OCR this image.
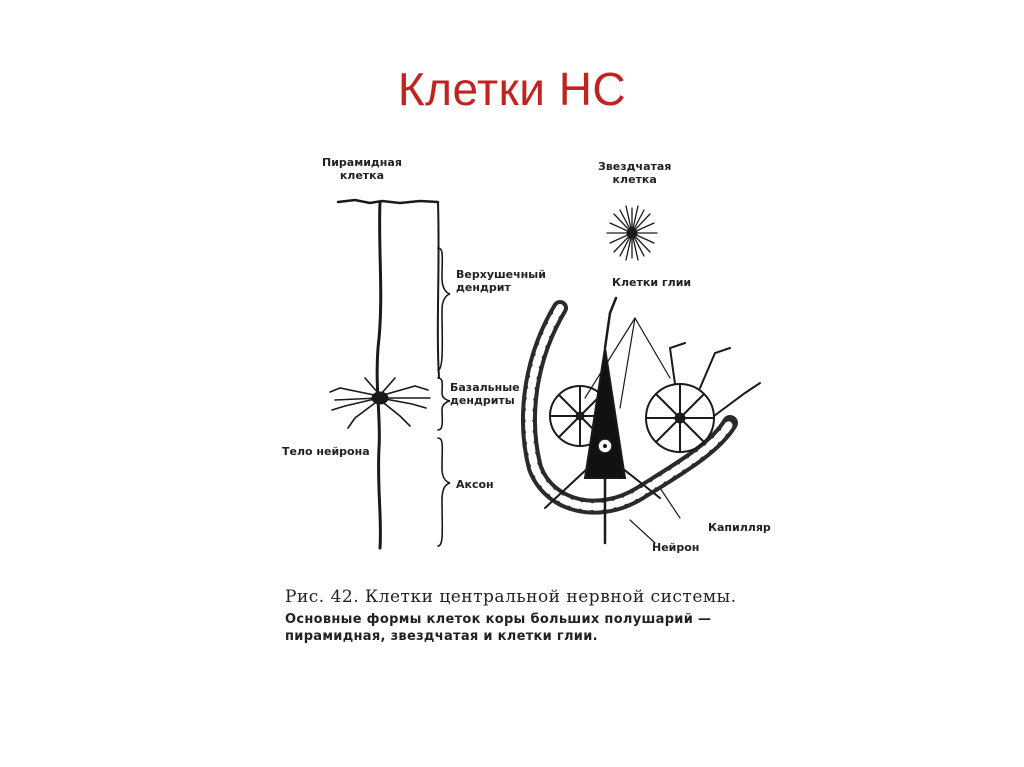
Клетки НС
Пирамидная
клетка
Верхушечный
дендрит
Базальные
дендриты
Тело нейрона
Аксон
Звездчатая
клетка
Клетки глии
Капилляр
Нейрон
Рис. 42. Клетки центральной нервной системы.
Основные формы клеток коры больших полушарий — пирамидная, звездчатая и клетки глии.
